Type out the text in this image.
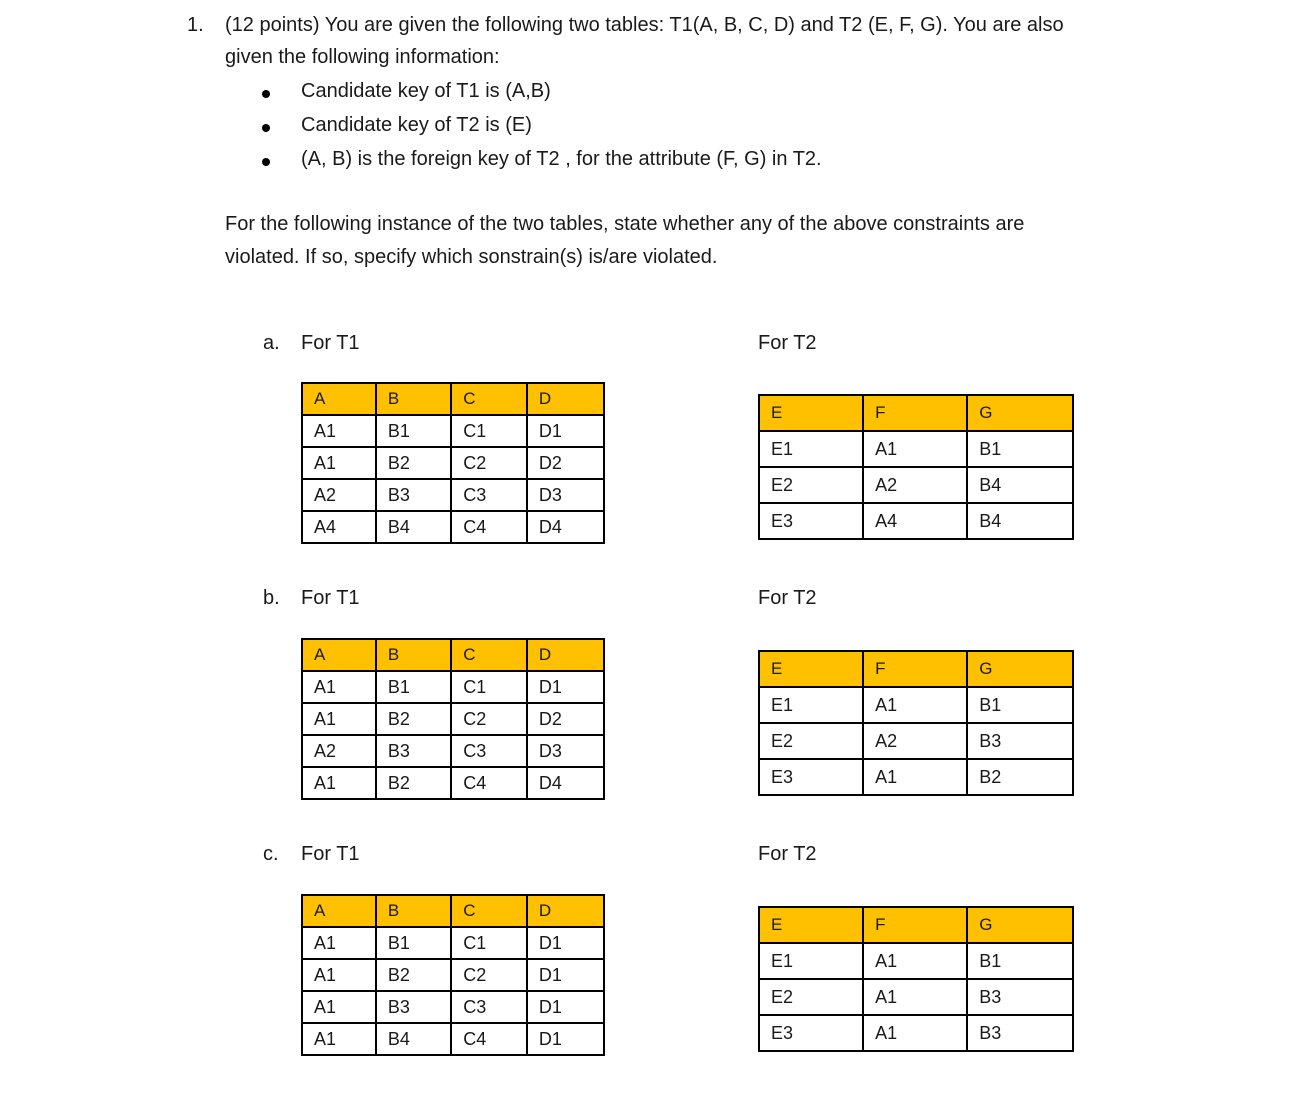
1. (12 points) You are given the following two tables: T1(A, B, C, D) and T2 (E, F, G). You are also
given the following information:
Candidate key of T1 is (A,B)
Candidate key of T2 is (E)
(A, B) is the foreign key of T2 , for the attribute (F, G) in T2.
For the following instance of the two tables, state whether any of the above constraints are
violated. If so, specify which sonstrain(s) is/are violated.
a. For T1	For T2
b. For T1	For T2
c. For T1	For T2
A	B	C	D
A1	B1	C1	D1
A1	B2	C2	D2
A2	B3	C3	D3
A4	B4	C4	D4
E	F	G
E1	A1	B1
E2	A2	B4
E3	A4	B4
A	B	C	D
A1	B1	C1	D1
A1	B2	C2	D2
A2	B3	C3	D3
A1	B2	C4	D4
E	F	G
E1	A1	B1
E2	A2	B3
E3	A1	B2
A	B	C	D
A1	B1	C1	D1
A1	B2	C2	D1
A1	B3	C3	D1
A1	B4	C4	D1
E	F	G
E1	A1	B1
E2	A1	B3
E3	A1	B3
